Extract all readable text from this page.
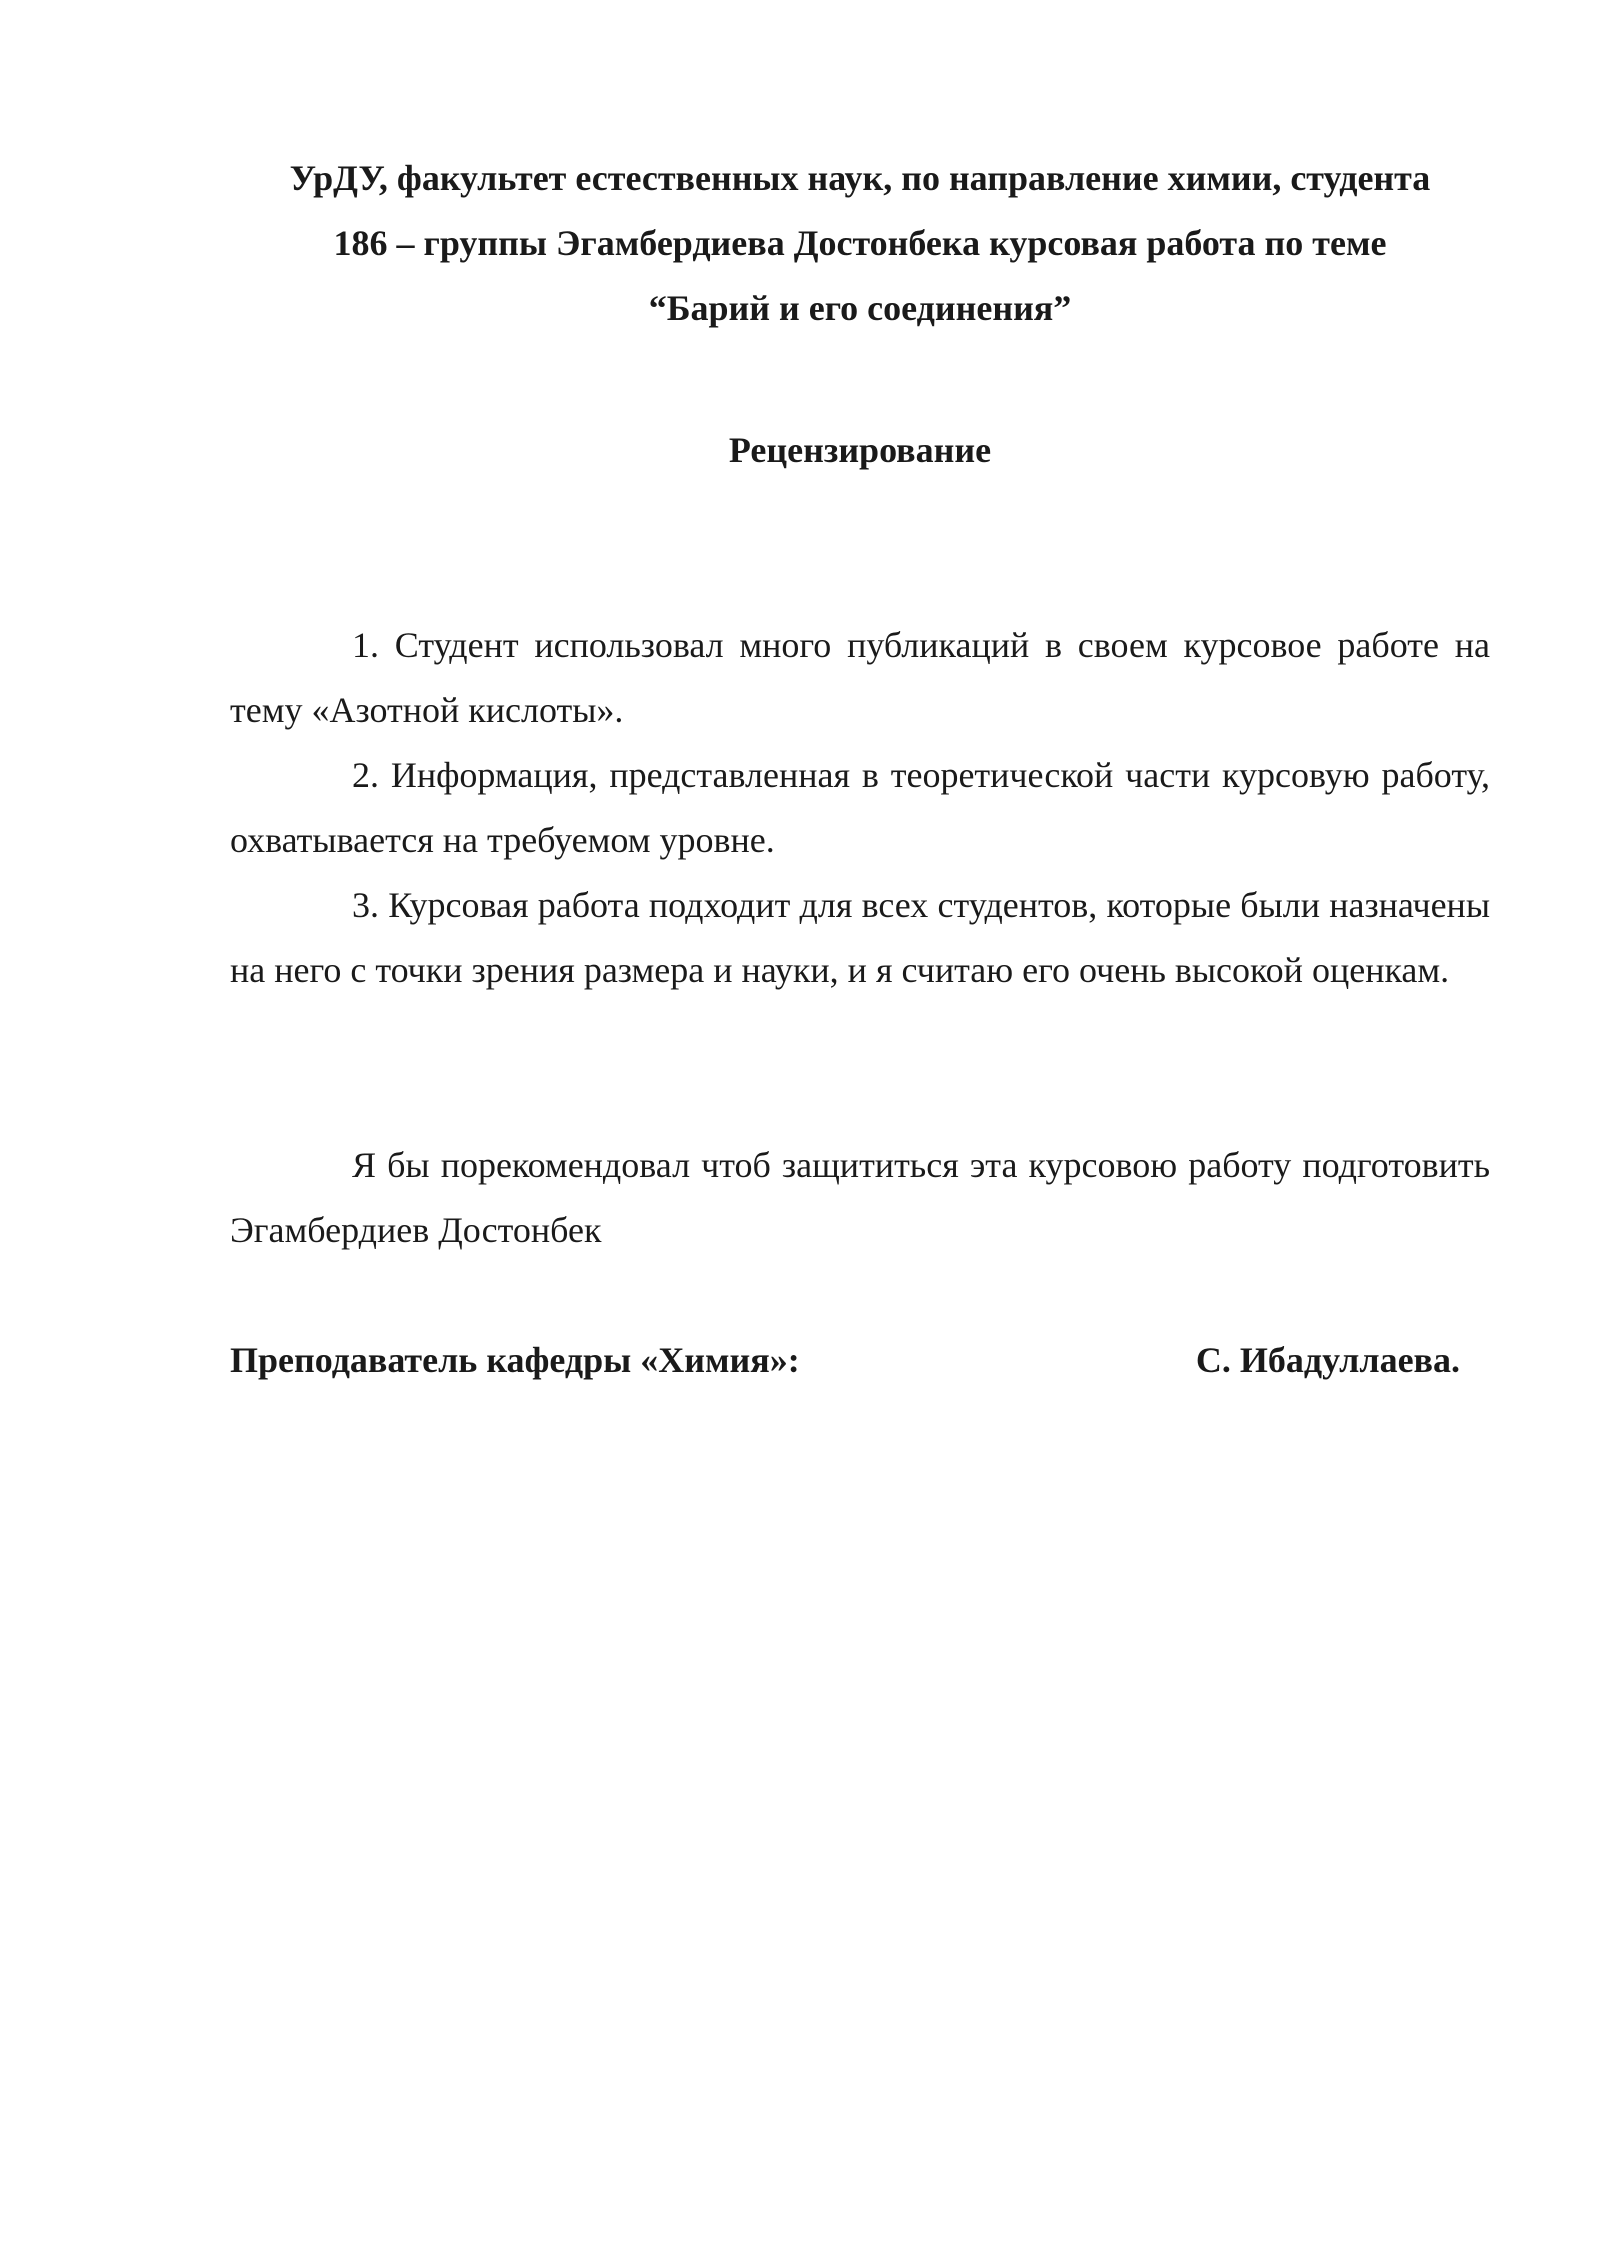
УрДУ, факультет естественных наук, по направление химии, студента
186 – группы Эгамбердиева Достонбека курсовая работа по теме
“Барий и его соединения”
Рецензирование

1. Студент использовал много публикаций в своем курсовое работе на тему «Азотной кислоты».

2. Информация, представленная в теоретической части курсовую работу, охватывается на требуемом уровне.

3. Курсовая работа подходит для всех студентов, которые были назначены на него с точки зрения размера и науки, и я считаю его очень высокой оценкам.

Я бы порекомендовал чтоб защититься эта курсовою работу подготовить Эгамбердиев Достонбек

Преподаватель кафедры «Химия»:	С. Ибадуллаева.
